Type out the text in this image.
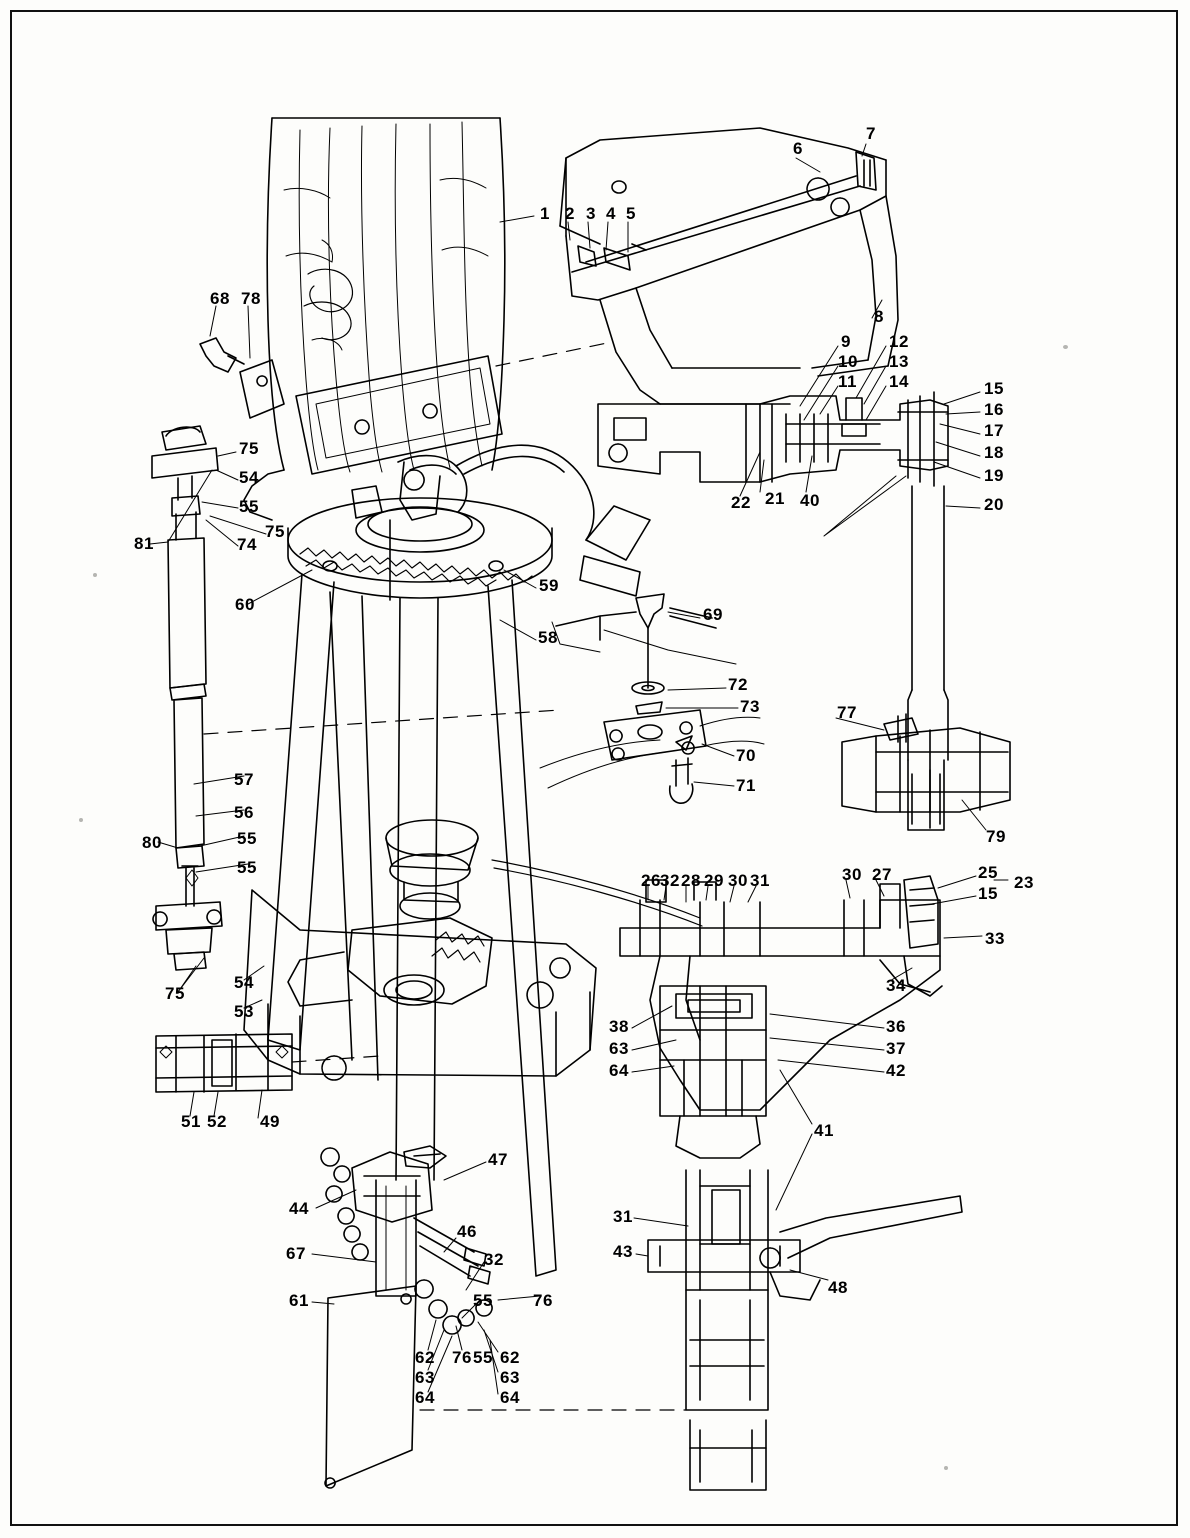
1 2 3 4 5
6
7
8
9
10
11
12
13
14	15
16
17
18
19
20
21
22
23
25
15
26	27
28 29 30	30
31
32
33
34
36
37
38
40
41
42
43
31
44
46
47
48
49
51 52
53
54
55
56
57
58
59
60
61
62
63
64
62
63
64
63
64
67
68
69
70
71
72
73
74
75
75
75
76
76
77
78
79
80
81
54
55
55
55
55
32
